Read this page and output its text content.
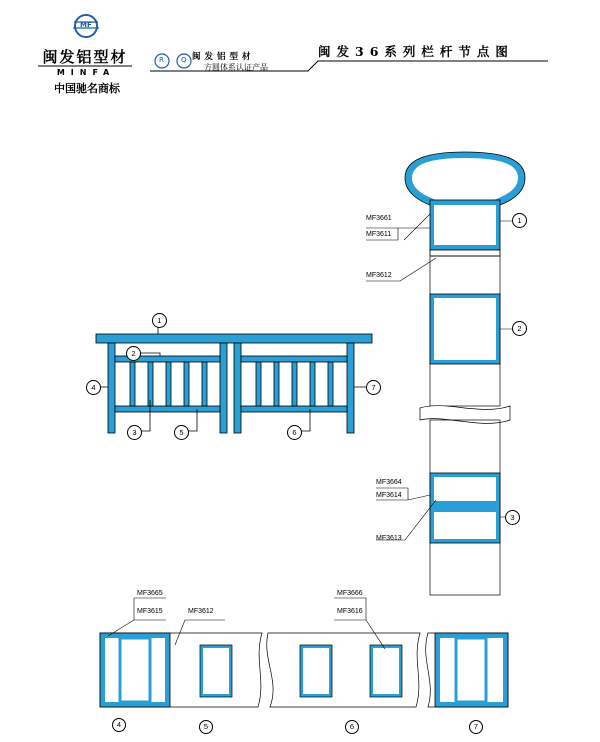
MF
闽发铝型材
MINFA
中国驰名商标
R Q 闽发铝型材
方圆体系认证产品
闽发36系列栏杆节点图
1
2
3
4
5	6
7
MF3661
MF3611
MF3612
MF3664
MF3614
MF3613
1
2
3
MF3665
MF3615	MF3612
MF3666
MF3616
4	5	6	7
